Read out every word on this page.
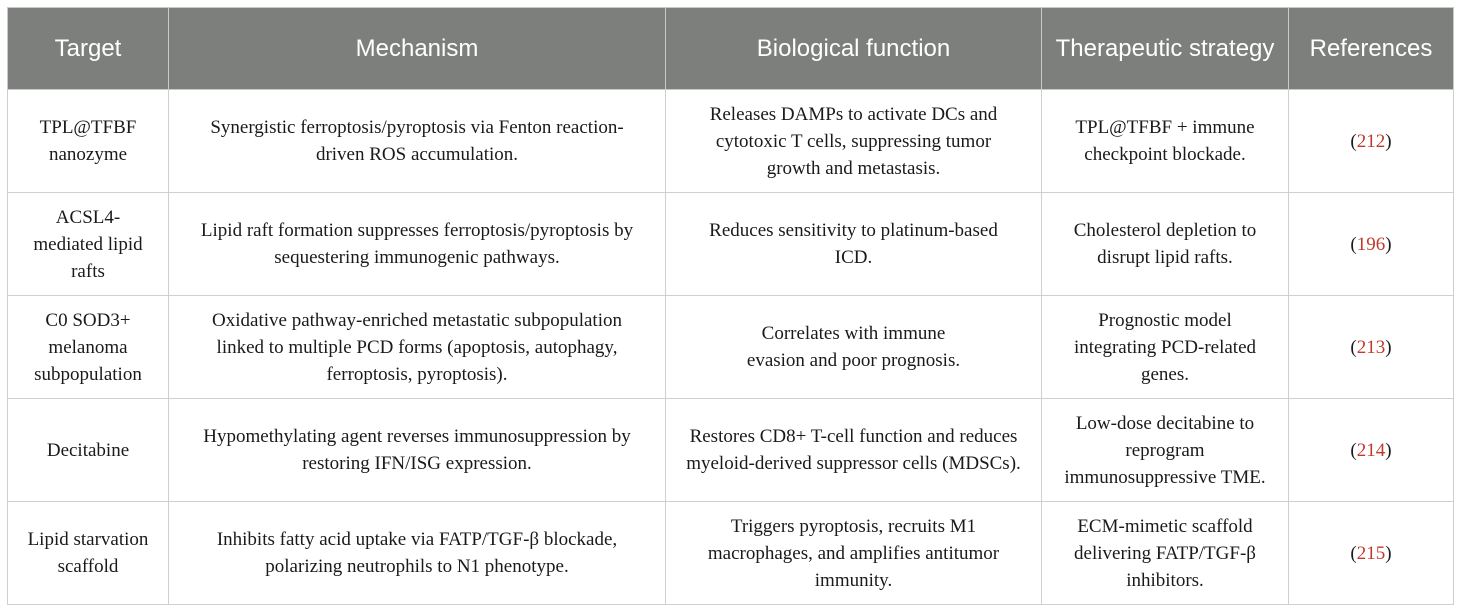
Target	Mechanism	Biological function	Therapeutic strategy	References
TPL@TFBF nanozyme	Synergistic ferroptosis/pyroptosis via Fenton reaction-driven ROS accumulation.	Releases DAMPs to activate DCs and cytotoxic T cells, suppressing tumor growth and metastasis.	TPL@TFBF + immune checkpoint blockade.	(212)
ACSL4-mediated lipid rafts	Lipid raft formation suppresses ferroptosis/pyroptosis by sequestering immunogenic pathways.	Reduces sensitivity to platinum-based ICD.	Cholesterol depletion to disrupt lipid rafts.	(196)
C0 SOD3+ melanoma subpopulation	Oxidative pathway-enriched metastatic subpopulation linked to multiple PCD forms (apoptosis, autophagy, ferroptosis, pyroptosis).	Correlates with immune evasion and poor prognosis.	Prognostic model integrating PCD-related genes.	(213)
Decitabine	Hypomethylating agent reverses immunosuppression by restoring IFN/ISG expression.	Restores CD8+ T-cell function and reduces myeloid-derived suppressor cells (MDSCs).	Low-dose decitabine to reprogram immunosuppressive TME.	(214)
Lipid starvation scaffold	Inhibits fatty acid uptake via FATP/TGF-β blockade, polarizing neutrophils to N1 phenotype.	Triggers pyroptosis, recruits M1 macrophages, and amplifies antitumor immunity.	ECM-mimetic scaffold delivering FATP/TGF-β inhibitors.	(215)
